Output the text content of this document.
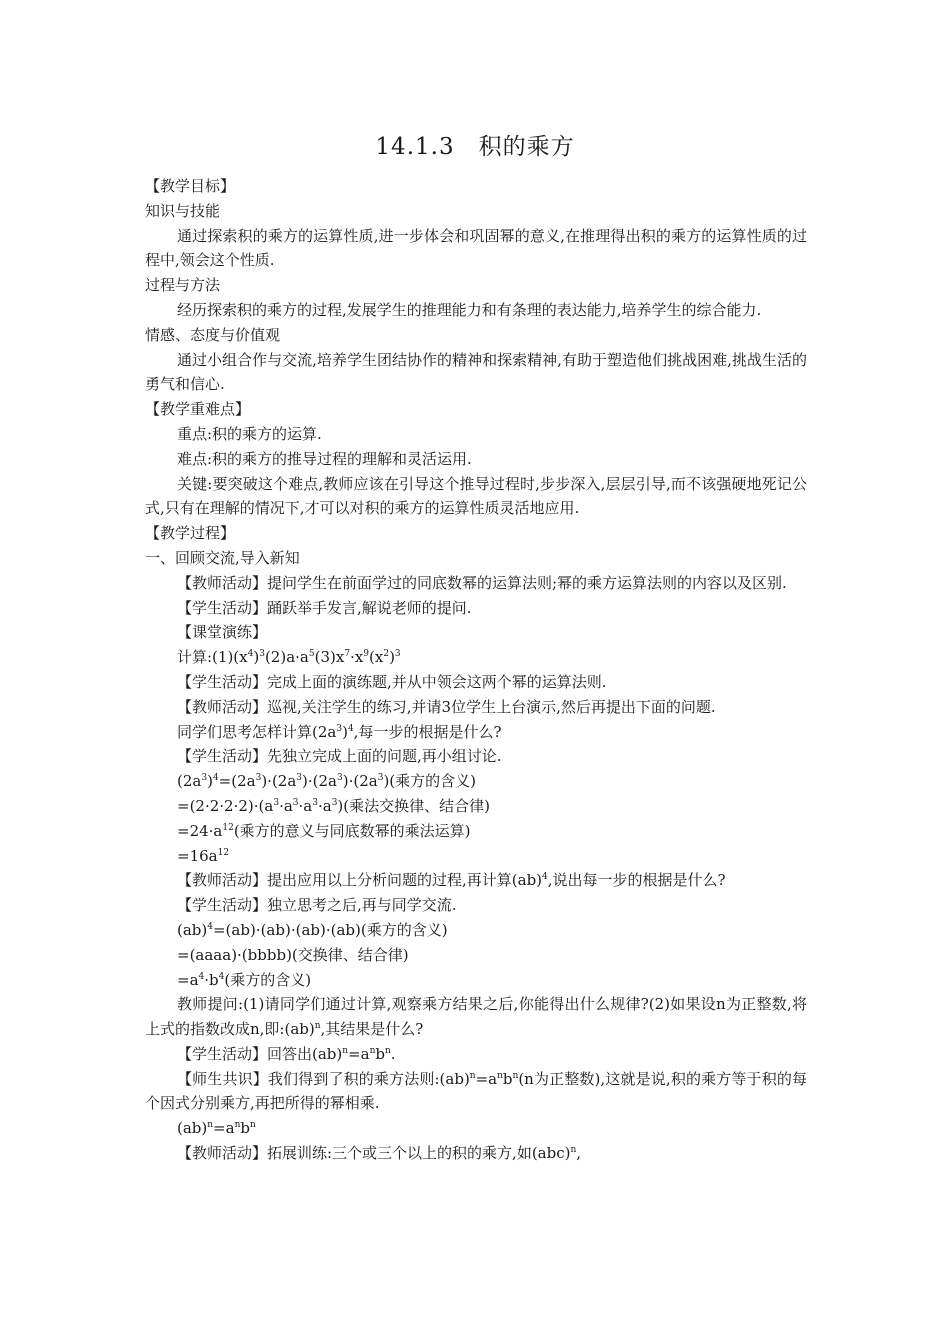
14.1.3　积的乘方

【教学目标】

知识与技能

通过探索积的乘方的运算性质,进一步体会和巩固幂的意义,在推理得出积的乘方的运算性质的过程中,领会这个性质.

过程与方法

经历探索积的乘方的过程,发展学生的推理能力和有条理的表达能力,培养学生的综合能力.

情感、态度与价值观

通过小组合作与交流,培养学生团结协作的精神和探索精神,有助于塑造他们挑战困难,挑战生活的勇气和信心.

【教学重难点】

重点:积的乘方的运算.

难点:积的乘方的推导过程的理解和灵活运用.

关键:要突破这个难点,教师应该在引导这个推导过程时,步步深入,层层引导,而不该强硬地死记公式,只有在理解的情况下,才可以对积的乘方的运算性质灵活地应用.

【教学过程】

一、回顾交流,导入新知

【教师活动】提问学生在前面学过的同底数幂的运算法则;幂的乘方运算法则的内容以及区别.

【学生活动】踊跃举手发言,解说老师的提问.

【课堂演练】

计算$:(1)(x^4)^3(2)a\cdot a^5(3)x^7\cdot x^9(x^2)^3$

【学生活动】完成上面的演练题,并从中领会这两个幂的运算法则.

【教师活动】巡视,关注学生的练习,并请3位学生上台演示,然后再提出下面的问题.

同学们思考怎样计算$(2a^3)^4$,每一步的根据是什么?

【学生活动】先独立完成上面的问题,再小组讨论.

$(2a^3)^4=(2a^3)\cdot(2a^3)\cdot(2a^3)\cdot(2a^3)$(乘方的含义)

$=(2\cdot 2\cdot 2\cdot 2)\cdot(a^3\cdot a^3\cdot a^3\cdot a^3)$(乘法交换律、结合律)

$=24\cdot a^{12}$(乘方的意义与同底数幂的乘法运算)

$=16a^{12}$

【教师活动】提出应用以上分析问题的过程,再计算(ab)$^4$,说出每一步的根据是什么?

【学生活动】独立思考之后,再与同学交流.

(ab)$^4$=(ab)·(ab)·(ab)·(ab)(乘方的含义)

=(aaaa)·(bbbb)(交换律、结合律)

$=a^4\cdot b^4$(乘方的含义)

教师提问:(1)请同学们通过计算,观察乘方结果之后,你能得出什么规律?(2)如果设n为正整数,将上式的指数改成n,即:(ab)$^n$,其结果是什么?

【学生活动】回答出$(ab)^n=a^nb^n$.

【师生共识】我们得到了积的乘方法则$:(ab)^n=a^nb^n(n$为正整数),这就是说,积的乘方等于积的每个因式分别乘方,再把所得的幂相乘.

$(ab)^n=a^nb^n$

【教师活动】拓展训练:三个或三个以上的积的乘方,如(abc)$^n$,
